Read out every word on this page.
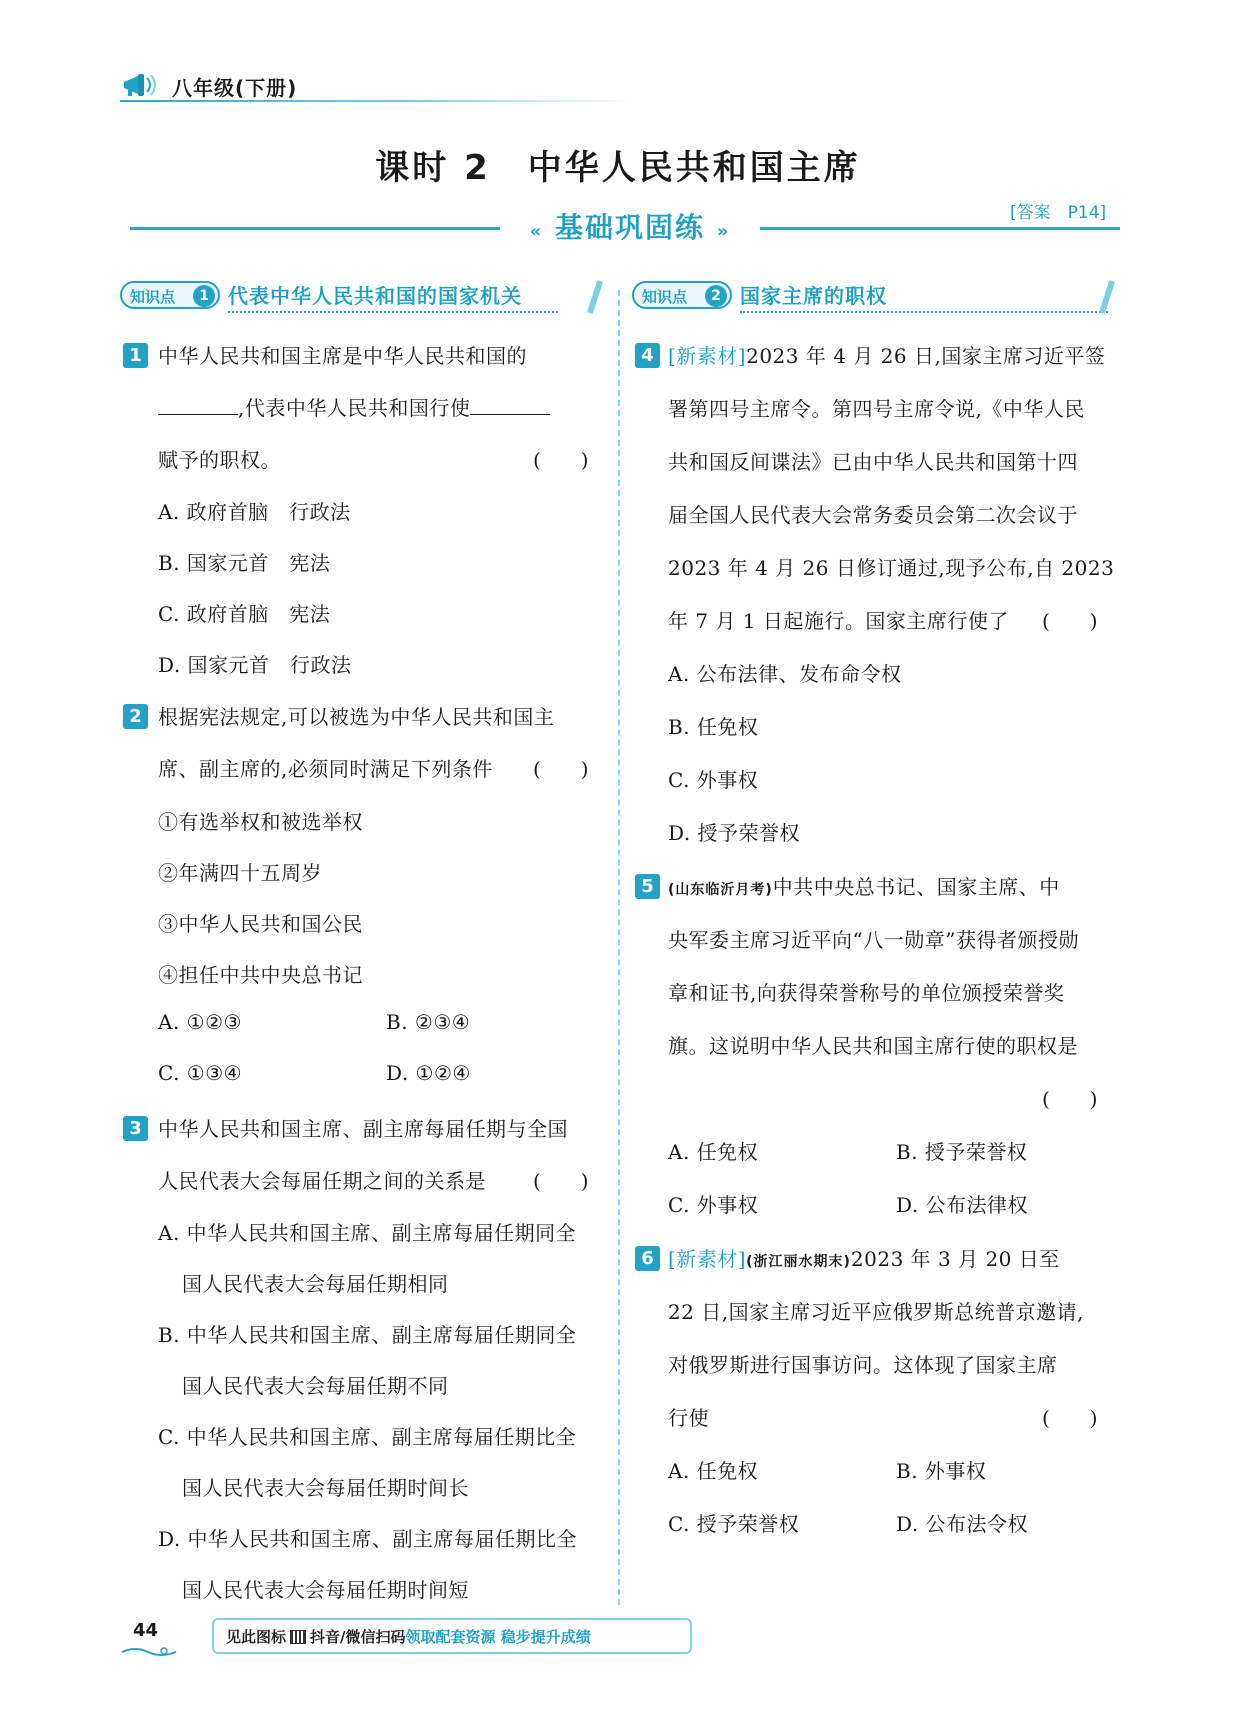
八年级(下册)
课时 2　中华人民共和国主席
« 基础巩固练 »
[答案　P14]
知识点	1 代表中华人民共和国的国家机关	知识点	2 国家主席的职权
1 中华人民共和国主席是中华人民共和国的
,代表中华人民共和国行使
赋予的职权。	(　　)
A. 政府首脑　行政法
B. 国家元首　宪法
C. 政府首脑　宪法
D. 国家元首　行政法
2 根据宪法规定,可以被选为中华人民共和国主
席、副主席的,必须同时满足下列条件 (　　)
①有选举权和被选举权
②年满四十五周岁
③中华人民共和国公民
④担任中共中央总书记
A. ①②③	B. ②③④
C. ①③④	D. ①②④
3 中华人民共和国主席、副主席每届任期与全国
人民代表大会每届任期之间的关系是 (　　)
A. 中华人民共和国主席、副主席每届任期同全
国人民代表大会每届任期相同
B. 中华人民共和国主席、副主席每届任期同全
国人民代表大会每届任期不同
C. 中华人民共和国主席、副主席每届任期比全
国人民代表大会每届任期时间长
D. 中华人民共和国主席、副主席每届任期比全
国人民代表大会每届任期时间短
4 [新素材]2023 年 4 月 26 日,国家主席习近平签
署第四号主席令。第四号主席令说,《中华人民
共和国反间谍法》已由中华人民共和国第十四
届全国人民代表大会常务委员会第二次会议于
2023 年 4 月 26 日修订通过,现予公布,自 2023
年 7 月 1 日起施行。国家主席行使了 (　　)
A. 公布法律、发布命令权
B. 任免权
C. 外事权
D. 授予荣誉权
5	(山东临沂月考)中共中央总书记、国家主席、中
央军委主席习近平向“八一勋章”获得者颁授勋
章和证书,向获得荣誉称号的单位颁授荣誉奖
旗。这说明中华人民共和国主席行使的职权是
(　　)
A. 任免权	B. 授予荣誉权
C. 外事权	D. 公布法律权
6 [新素材](浙江丽水期末)2023 年 3 月 20 日至
22 日,国家主席习近平应俄罗斯总统普京邀请,
对俄罗斯进行国事访问。这体现了国家主席
行使	(　　)
A. 任免权	B. 外事权
C. 授予荣誉权	D. 公布法令权
44	见此图标 抖音/微信扫码领取配套资源 稳步提升成绩
